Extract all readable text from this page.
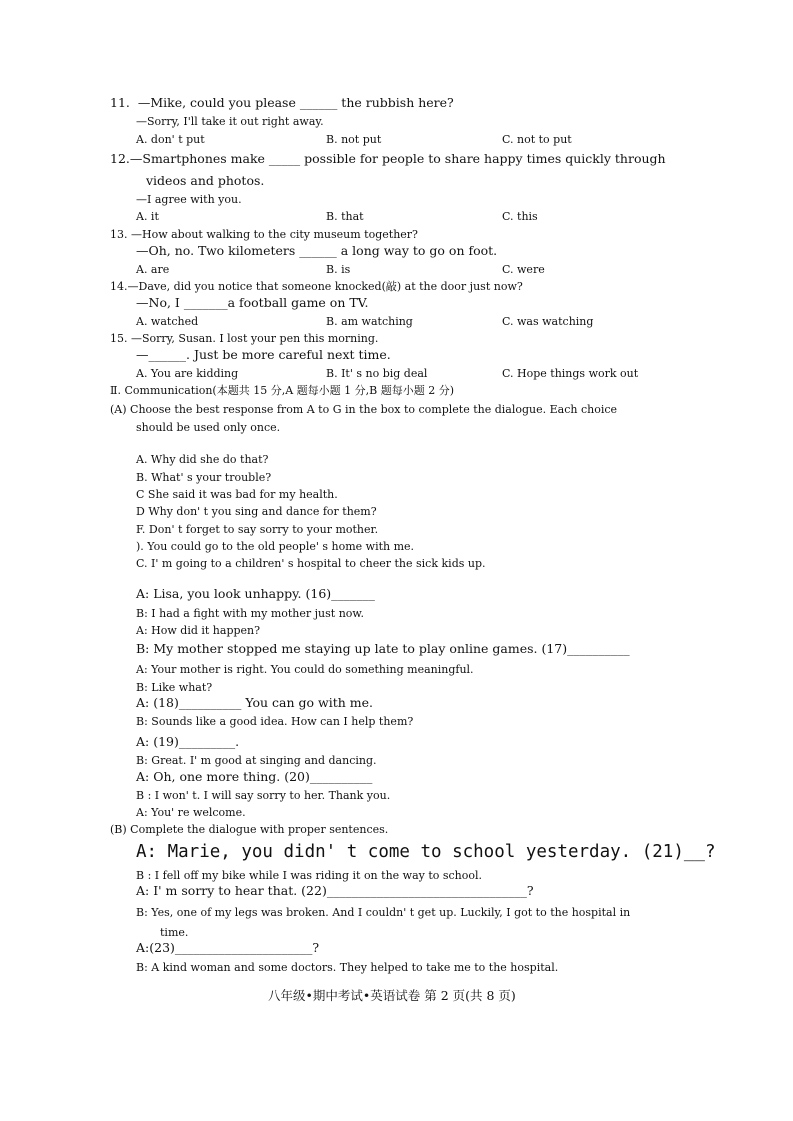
11.  —Mike, could you please ______ the rubbish here?
—Sorry, I'll take it out right away.
A. don' t put	B. not put	C. not to put
12.—Smartphones make _____ possible for people to share happy times quickly through
videos and photos.
—I agree with you.
A. it	B. that	C. this
13. —How about walking to the city museum together?
—Oh, no. Two kilometers ______ a long way to go on foot.
A. are	B. is	C. were
14.—Dave, did you notice that someone knocked(敲) at the door just now?
—No, I _______a football game on TV.
A. watched	B. am watching	C. was watching
15. —Sorry, Susan. I lost your pen this morning.
—______. Just be more careful next time.
A. You are kidding	B. It' s no big deal	C. Hope things work out
Ⅱ. Communication(本题共 15 分,A 题每小题 1 分,B 题每小题 2 分)
(A) Choose the best response from A to G in the box to complete the dialogue. Each choice
should be used only once.
A. Why did she do that?
B. What' s your trouble?
C She said it was bad for my health.
D Why don' t you sing and dance for them?
F. Don' t forget to say sorry to your mother.
). You could go to the old people' s home with me.
C. I' m going to a children' s hospital to cheer the sick kids up.
A: Lisa, you look unhappy. (16)_______
B: I had a fight with my mother just now.
A: How did it happen?
B: My mother stopped me staying up late to play online games. (17)__________
A: Your mother is right. You could do something meaningful.
B: Like what?
A: (18)__________ You can go with me.
B: Sounds like a good idea. How can I help them?
A: (19)_________.
B: Great. I' m good at singing and dancing.
A: Oh, one more thing. (20)__________
B : I won' t. I will say sorry to her. Thank you.
A: You' re welcome.
(B) Complete the dialogue with proper sentences.
A: Marie, you didn' t come to school yesterday. (21)__?
B : I fell off my bike while I was riding it on the way to school.
A: I' m sorry to hear that. (22)________________________________?
B: Yes, one of my legs was broken. And I couldn' t get up. Luckily, I got to the hospital in
time.
A:(23)______________________?
B: A kind woman and some doctors. They helped to take me to the hospital.
八年级•期中考试•英语试卷 第 2 页(共 8 页)
